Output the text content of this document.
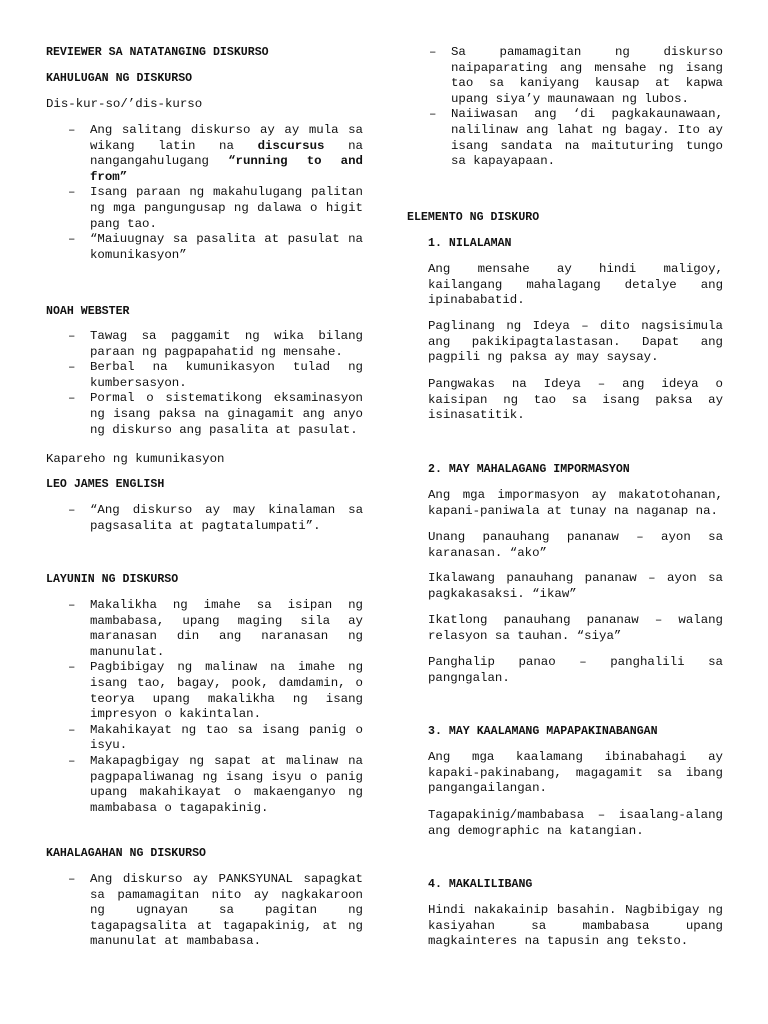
REVIEWER SA NATATANGING DISKURSO
KAHULUGAN NG DISKURSO
Dis-kur-so/’dis-kurso
– Ang salitang diskurso ay ay mula sa wikang latin na discursus na nangangahulugang “running to and from”
– Isang paraan ng makahulugang palitan ng mga pangungusap ng dalawa o higit pang tao.
– “Maiuugnay sa pasalita at pasulat na komunikasyon”
NOAH WEBSTER
– Tawag sa paggamit ng wika bilang paraan ng pagpapahatid ng mensahe.
– Berbal na kumunikasyon tulad ng kumbersasyon.
– Pormal o sistematikong eksaminasyon ng isang paksa na ginagamit ang anyo ng diskurso ang pasalita at pasulat.
Kapareho ng kumunikasyon
LEO JAMES ENGLISH
– “Ang diskurso ay may kinalaman sa pagsasalita at pagtatalumpati”.
LAYUNIN NG DISKURSO
– Makalikha ng imahe sa isipan ng mambabasa, upang maging sila ay maranasan din ang naranasan ng manunulat.
– Pagbibigay ng malinaw na imahe ng isang tao, bagay, pook, damdamin, o teorya upang makalikha ng isang impresyon o kakintalan.
– Makahikayat ng tao sa isang panig o isyu.
– Makapagbigay ng sapat at malinaw na pagpapaliwanag ng isang isyu o panig upang makahikayat o makaenganyo ng mambabasa o tagapakinig.
KAHALAGAHAN NG DISKURSO
– Ang diskurso ay PANKSYUNAL sapagkat sa pamamagitan nito ay nagkakaroon ng ugnayan sa pagitan ng tagapagsalita at tagapakinig, at ng manunulat at mambabasa.
– Sa pamamagitan ng diskurso naipaparating ang mensahe ng isang tao sa kaniyang kausap at kapwa upang siya’y maunawaan ng lubos.
– Naiiwasan ang ‘di pagkakaunawaan, nalilinaw ang lahat ng bagay. Ito ay isang sandata na maituturing tungo sa kapayapaan.
ELEMENTO NG DISKURO
1. NILALAMAN
Ang mensahe ay hindi maligoy, kailangang mahalagang detalye ang ipinababatid.
Paglinang ng Ideya – dito nagsisimula ang pakikipagtalastasan. Dapat ang pagpili ng paksa ay may saysay.
Pangwakas na Ideya – ang ideya o kaisipan ng tao sa isang paksa ay isinasatitik.
2. MAY MAHALAGANG IMPORMASYON
Ang mga impormasyon ay makatotohanan, kapani-paniwala at tunay na naganap na.
Unang panauhang pananaw – ayon sa karanasan. “ako”
Ikalawang panauhang pananaw – ayon sa pagkakasaksi. “ikaw”
Ikatlong panauhang pananaw – walang relasyon sa tauhan. “siya”
Panghalip panao – panghalili sa pangngalan.
3. MAY KAALAMANG MAPAPAKINABANGAN
Ang mga kaalamang ibinabahagi ay kapaki-pakinabang, magagamit sa ibang pangangailangan.
Tagapakinig/mambabasa – isaalang-alang ang demographic na katangian.
4. MAKALILIBANG
Hindi nakakainip basahin. Nagbibigay ng kasiyahan sa mambabasa upang magkainteres na tapusin ang teksto.
